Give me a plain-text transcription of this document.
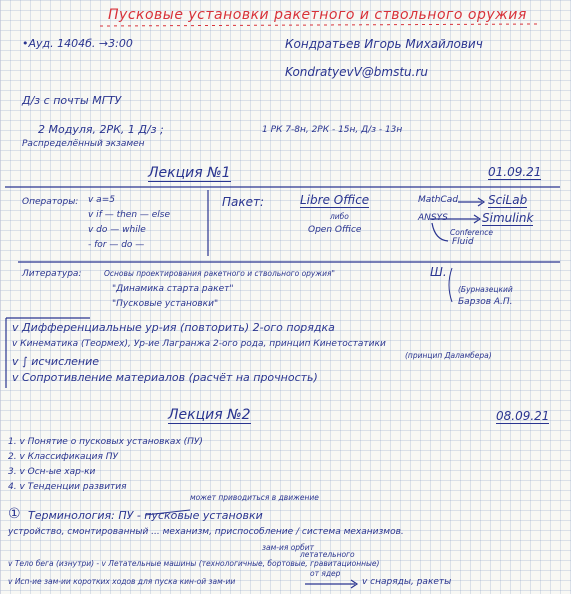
Пусковые установки ракетного и ствольного оружия
•Ауд. 1404б. →3:00	Кондратьев Игорь Михайлович
KondratyevV@bmstu.ru
Д/з с почты МГТУ
2 Модуля, 2РК, 1 Д/з ;	1 РК 7-8н, 2РК - 15н, Д/з - 13н
Распределённый экзамен
Лекция №1	01.09.21
Операторы: v a=5
v if — then — else
v do — while
- for — do —
Пакет:	Libre Office
либо
Open Office
MathCad SciLab
ANSYS	Simulink
Conference
Fluid
Литература:	Основы проектирования ракетного и ствольного оружия"
"Динамика старта ракет"
"Пусковые установки"
Ш.
(Бурназецкий
Барзов А.П.
v Дифференциальные ур-ия (повторить) 2-ого порядка
v Кинематика (Теормех), Ур-ие Лагранжа 2-ого рода, принцип Кинетостатики
(принцип Даламбера)
v ∫ исчисление
v Сопротивление материалов (расчёт на прочность)
Лекция №2	08.09.21
1. v Понятие о пусковых установках (ПУ)
2. v Классификация ПУ
3. v Осн-ые хар-ки
4. v Тенденции развития
может приводиться в движение
① Терминология: ПУ - пусковые установки
устройство, смонтированный ... механизм, приспособление / система механизмов.
зам-ия орбит
летательного
v Тело бега (изнутри) - v Летательные машины (технологичные, бортовые, гравитационные)
v Исп-ие зам-ии коротких ходов для пуска кин-ой зам-ии
от ядер
v снаряды, ракеты
